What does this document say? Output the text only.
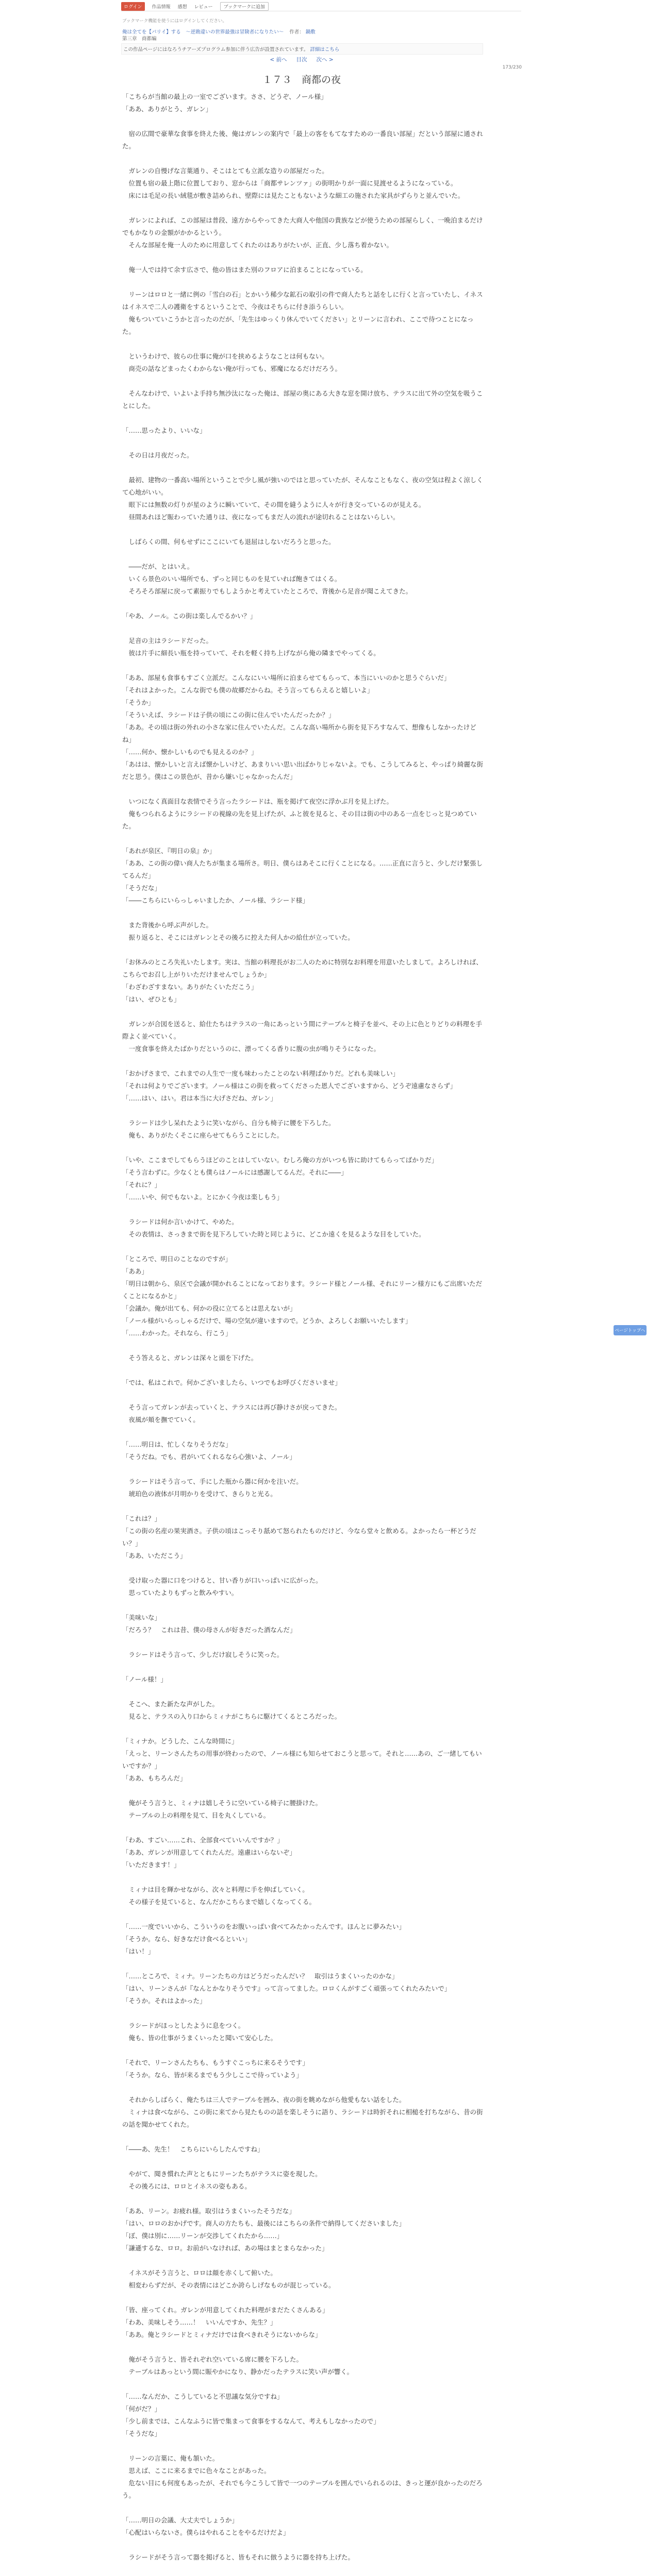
ログイン	作品情報 感想 レビュー	ブックマークに追加
ブックマーク機能を使うにはログインしてください。
俺は全てを【パリイ】する　～逆勘違いの世界最強は冒険者になりたい～ 作者： 鍋敷
第三章　商都編
この作品ページにはなろうチアーズプログラム参加に伴う広告が設置されています。 詳細はこちら
< 前へ 目次 次へ >
173/230
１７３　商都の夜

「こちらが当館の最上の一室でございます。ささ、どうぞ、ノール様」

「ああ、ありがとう、ガレン」

　宿の広間で豪華な食事を終えた後、俺はガレンの案内で「最上の客をもてなすための一番良い部屋」だという部屋に通された。

　ガレンの自慢げな言葉通り、そこはとても立派な造りの部屋だった。

　位置も宿の最上階に位置しており、窓からは「商都サレンツァ」の街明かりが一面に見渡せるようになっている。

　床には毛足の長い絨毯が敷き詰められ、壁際には見たこともないような細工の施された家具がずらりと並んでいた。

　ガレンによれば、この部屋は普段、遠方からやってきた大商人や他国の貴族などが使うための部屋らしく、一晩泊まるだけでもかなりの金額がかかるという。

　そんな部屋を俺一人のために用意してくれたのはありがたいが、正直、少し落ち着かない。

　俺一人では持て余す広さで、他の皆はまた別のフロアに泊まることになっている。

　リーンはロロと一緒に例の「雪白の石」とかいう稀少な鉱石の取引の件で商人たちと話をしに行くと言っていたし、イネスはイネスで二人の護衛をするということで、今夜はそちらに付き添うらしい。

　俺もついていこうかと言ったのだが、「先生はゆっくり休んでいてください」とリーンに言われ、ここで待つことになった。

　というわけで、彼らの仕事に俺が口を挟めるようなことは何もない。

　商売の話などまったくわからない俺が行っても、邪魔になるだけだろう。

　そんなわけで、いよいよ手持ち無沙汰になった俺は、部屋の奥にある大きな窓を開け放ち、テラスに出て外の空気を吸うことにした。

「……思ったより、いいな」

　その日は月夜だった。

　最初、建物の一番高い場所ということで少し風が強いのではと思っていたが、そんなこともなく、夜の空気は程よく涼しくて心地がいい。

　眼下には無数の灯りが星のように瞬いていて、その間を縫うように人々が行き交っているのが見える。

　昼間あれほど賑わっていた通りは、夜になってもまだ人の流れが途切れることはないらしい。

　しばらくの間、何もせずにここにいても退屈はしないだろうと思った。

　――だが、とはいえ。

　いくら景色のいい場所でも、ずっと同じものを見ていれば飽きてはくる。

　そろそろ部屋に戻って素振りでもしようかと考えていたところで、背後から足音が聞こえてきた。

「やあ、ノール。この街は楽しんでるかい？」

　足音の主はラシードだった。

　彼は片手に細長い瓶を持っていて、それを軽く持ち上げながら俺の隣までやってくる。

「ああ、部屋も食事もすごく立派だ。こんなにいい場所に泊まらせてもらって、本当にいいのかと思うぐらいだ」

「それはよかった。こんな街でも僕の故郷だからね。そう言ってもらえると嬉しいよ」

「そうか」

「そういえば、ラシードは子供の頃にこの街に住んでいたんだったか？」

「ああ。その頃は街の外れの小さな家に住んでいたんだ。こんな高い場所から街を見下ろすなんて、想像もしなかったけどね」

「……何か、懐かしいものでも見えるのか？」

「あはは、懐かしいと言えば懐かしいけど、あまりいい思い出ばかりじゃないよ。でも、こうしてみると、やっぱり綺麗な街だと思う。僕はこの景色が、昔から嫌いじゃなかったんだ」

　いつになく真面目な表情でそう言ったラシードは、瓶を掲げて夜空に浮かぶ月を見上げた。

　俺もつられるようにラシードの視線の先を見上げたが、ふと彼を見ると、その目は街の中のある一点をじっと見つめていた。

「あれが泉区、『明日の泉』か」

「ああ、この街の偉い商人たちが集まる場所さ。明日、僕らはあそこに行くことになる。……正直に言うと、少しだけ緊張してるんだ」

「そうだな」

「――こちらにいらっしゃいましたか、ノール様、ラシード様」

　また背後から呼ぶ声がした。

　振り返ると、そこにはガレンとその後ろに控えた何人かの給仕が立っていた。

「お休みのところ失礼いたします。実は、当館の料理長がお二人のために特別なお料理を用意いたしまして。よろしければ、こちらでお召し上がりいただけませんでしょうか」

「わざわざすまない。ありがたくいただこう」

「はい、ぜひとも」

　ガレンが合図を送ると、給仕たちはテラスの一角にあっという間にテーブルと椅子を並べ、その上に色とりどりの料理を手際よく並べていく。

　一度食事を終えたばかりだというのに、漂ってくる香りに腹の虫が鳴りそうになった。

「おかげさまで、これまでの人生で一度も味わったことのない料理ばかりだ。どれも美味しい」

「それは何よりでございます。ノール様はこの街を救ってくださった恩人でございますから、どうぞ遠慮なさらず」

「……はい、はい。君は本当に大げさだね、ガレン」

　ラシードは少し呆れたように笑いながら、自分も椅子に腰を下ろした。

　俺も、ありがたくそこに座らせてもらうことにした。

「いや、ここまでしてもらうほどのことはしていない。むしろ俺の方がいつも皆に助けてもらってばかりだ」

「そう言わずに。少なくとも僕らはノールには感謝してるんだ。それに――」

「それに？」

「……いや、何でもないよ。とにかく今夜は楽しもう」

　ラシードは何か言いかけて、やめた。

　その表情は、さっきまで街を見下ろしていた時と同じように、どこか遠くを見るような目をしていた。

「ところで、明日のことなのですが」

「ああ」

「明日は朝から、泉区で会議が開かれることになっております。ラシード様とノール様、それにリーン様方にもご出席いただくことになるかと」

「会議か。俺が出ても、何かの役に立てるとは思えないが」

「ノール様がいらっしゃるだけで、場の空気が違いますので。どうか、よろしくお願いいたします」

「……わかった。それなら、行こう」

　そう答えると、ガレンは深々と頭を下げた。

「では、私はこれで。何かございましたら、いつでもお呼びくださいませ」

　そう言ってガレンが去っていくと、テラスには再び静けさが戻ってきた。

　夜風が頬を撫でていく。

「……明日は、忙しくなりそうだな」

「そうだね。でも、君がいてくれるなら心強いよ、ノール」

　ラシードはそう言って、手にした瓶から器に何かを注いだ。

　琥珀色の液体が月明かりを受けて、きらりと光る。

「これは？」

「この街の名産の果実酒さ。子供の頃はこっそり舐めて怒られたものだけど、今なら堂々と飲める。よかったら一杯どうだい？」

「ああ、いただこう」

　受け取った器に口をつけると、甘い香りが口いっぱいに広がった。

　思っていたよりもずっと飲みやすい。

「美味いな」

「だろう？　これは昔、僕の母さんが好きだった酒なんだ」

　ラシードはそう言って、少しだけ寂しそうに笑った。

「ノール様！」

　そこへ、また新たな声がした。

　見ると、テラスの入り口からミィナがこちらに駆けてくるところだった。

「ミィナか。どうした、こんな時間に」

「えっと、リーンさんたちの用事が終わったので、ノール様にも知らせておこうと思って。それと……あの、ご一緒してもいいですか？」

「ああ、もちろんだ」

　俺がそう言うと、ミィナは嬉しそうに空いている椅子に腰掛けた。

　テーブルの上の料理を見て、目を丸くしている。

「わあ、すごい……これ、全部食べていいんですか？」

「ああ、ガレンが用意してくれたんだ。遠慮はいらないぞ」

「いただきます！」

　ミィナは目を輝かせながら、次々と料理に手を伸ばしていく。

　その様子を見ていると、なんだかこちらまで嬉しくなってくる。

「……一度でいいから、こういうのをお腹いっぱい食べてみたかったんです。ほんとに夢みたい」

「そうか。なら、好きなだけ食べるといい」

「はい！」

「……ところで、ミィナ。リーンたちの方はどうだったんだい？　取引はうまくいったのかな」

「はい、リーンさんが『なんとかなりそうです』って言ってました。ロロくんがすごく頑張ってくれたみたいで」

「そうか。それはよかった」

　ラシードがほっとしたように息をつく。

　俺も、皆の仕事がうまくいったと聞いて安心した。

「それで、リーンさんたちも、もうすぐこっちに来るそうです」

「そうか。なら、皆が来るまでもう少しここで待っていよう」

　それからしばらく、俺たちは三人でテーブルを囲み、夜の街を眺めながら他愛もない話をした。

　ミィナは食べながら、この街に来てから見たものの話を楽しそうに語り、ラシードは時折それに相槌を打ちながら、昔の街の話を聞かせてくれた。

「――あ、先生！　こちらにいらしたんですね」

　やがて、聞き慣れた声とともにリーンたちがテラスに姿を現した。

　その後ろには、ロロとイネスの姿もある。

「ああ、リーン。お疲れ様。取引はうまくいったそうだな」

「はい、ロロのおかげです。商人の方たちも、最後にはこちらの条件で納得してくださいました」

「ぼ、僕は別に……リーンが交渉してくれたから……」

「謙遜するな、ロロ。お前がいなければ、あの場はまとまらなかった」

　イネスがそう言うと、ロロは顔を赤くして俯いた。

　相変わらずだが、その表情にはどこか誇らしげなものが混じっている。

「皆、座ってくれ。ガレンが用意してくれた料理がまだたくさんある」

「わあ、美味しそう……！　いいんですか、先生？」

「ああ。俺とラシードとミィナだけでは食べきれそうにないからな」

　俺がそう言うと、皆それぞれ空いている席に腰を下ろした。

　テーブルはあっという間に賑やかになり、静かだったテラスに笑い声が響く。

「……なんだか、こうしていると不思議な気分ですね」

「何がだ？」

「少し前までは、こんなふうに皆で集まって食事をするなんて、考えもしなかったので」

「そうだな」

　リーンの言葉に、俺も頷いた。

　思えば、ここに来るまでに色々なことがあった。

　危ない目にも何度もあったが、それでも今こうして皆で一つのテーブルを囲んでいられるのは、きっと運が良かったのだろう。

「……明日の会議、大丈夫でしょうか」

「心配はいらないさ。僕らはやれることをやるだけだよ」

　ラシードがそう言って器を掲げると、皆もそれに倣うように器を持ち上げた。

ページトップへ
